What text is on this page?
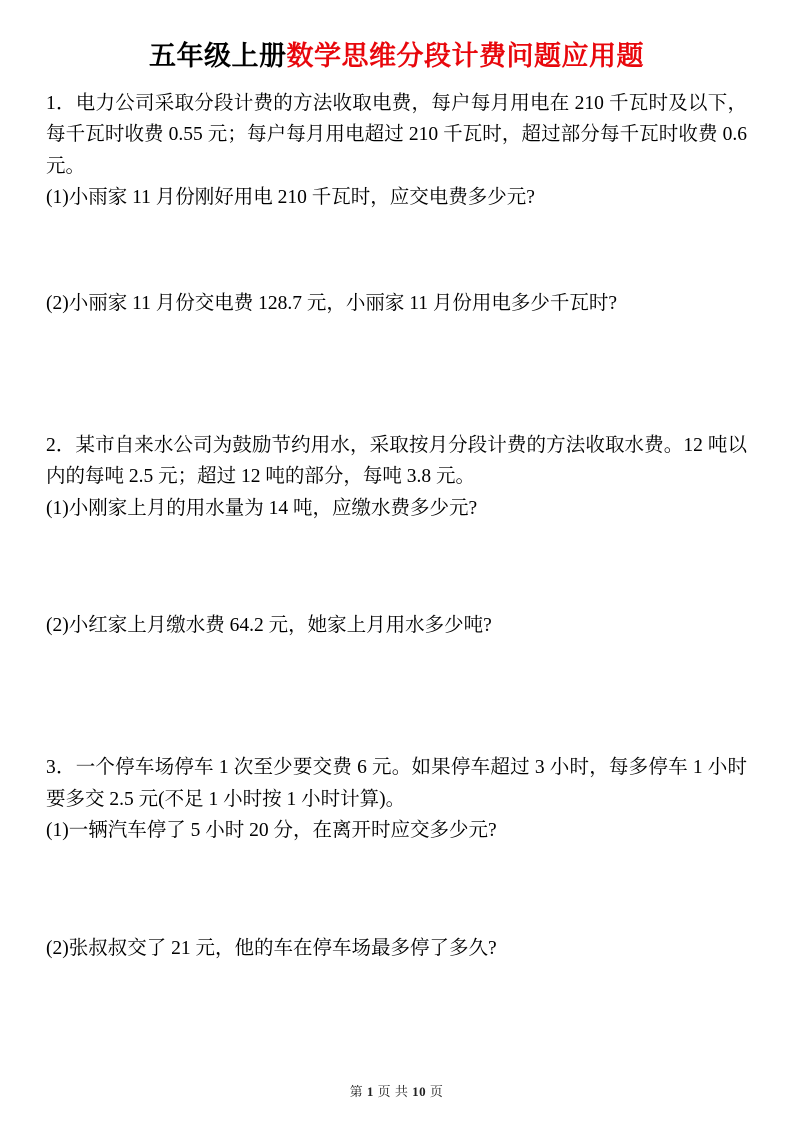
五年级上册数学思维分段计费问题应用题
1．电力公司采取分段计费的方法收取电费，每户每月用电在 210 千瓦时及以下，每千瓦时收费 0.55 元；每户每月用电超过 210 千瓦时，超过部分每千瓦时收费 0.6 元。
(1)小雨家 11 月份刚好用电 210 千瓦时，应交电费多少元?
(2)小丽家 11 月份交电费 128.7 元，小丽家 11 月份用电多少千瓦时?
2．某市自来水公司为鼓励节约用水，采取按月分段计费的方法收取水费。12 吨以内的每吨 2.5 元；超过 12 吨的部分，每吨 3.8 元。
(1)小刚家上月的用水量为 14 吨，应缴水费多少元?
(2)小红家上月缴水费 64.2 元，她家上月用水多少吨?
3．一个停车场停车 1 次至少要交费 6 元。如果停车超过 3 小时，每多停车 1 小时要多交 2.5 元(不足 1 小时按 1 小时计算)。
(1)一辆汽车停了 5 小时 20 分，在离开时应交多少元?
(2)张叔叔交了 21 元，他的车在停车场最多停了多久?
第 1 页 共 10 页
